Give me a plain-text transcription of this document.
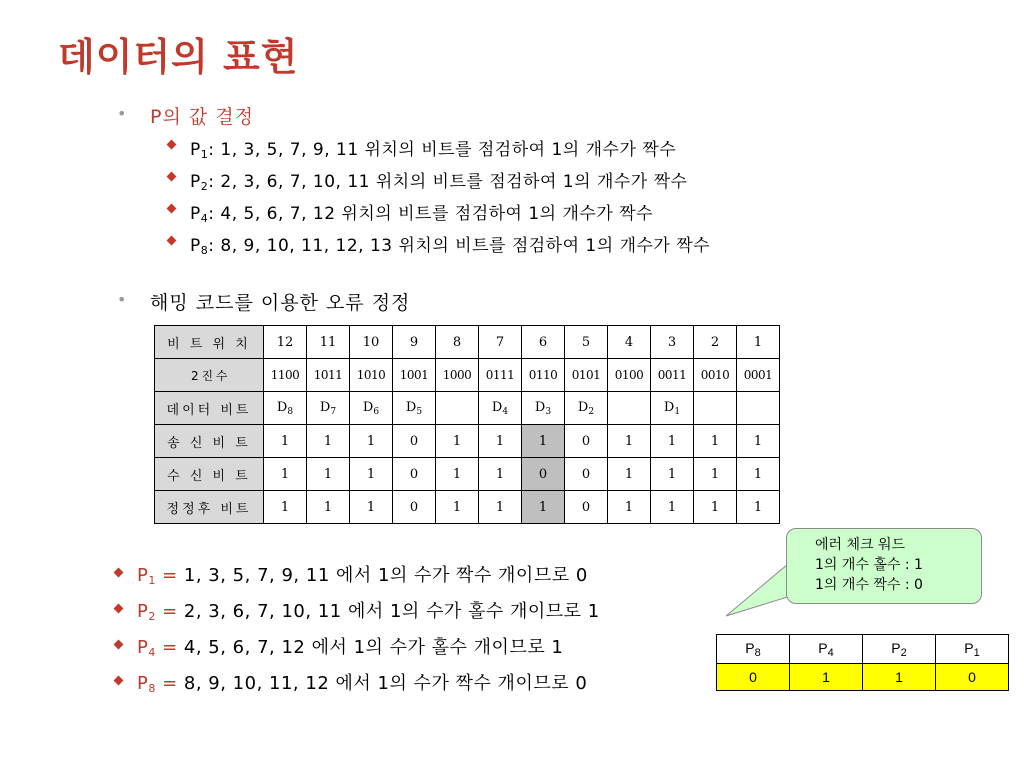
데이터의 표현
• P의 값 결정
$P_1$: 1, 3, 5, 7, 9, 11 위치의 비트를 점검하여 1의 개수가 짝수
$P_2$: 2, 3, 6, 7, 10, 11 위치의 비트를 점검하여 1의 개수가 짝수
$P_4$: 4, 5, 6, 7, 12 위치의 비트를 점검하여 1의 개수가 짝수
$P_8$: 8, 9, 10, 11, 12, 13 위치의 비트를 점검하여 1의 개수가 짝수
• 해밍 코드를 이용한 오류 정정
비 트 위 치	12	11	10	9	8	7	6	5	4	3	2	1
2 진 수	1100	1011	1010	1001	1000	0111	0110	0101	0100	0011	0010	0001
데이터 비트	$D_8$	$D_7$	$D_6$	$D_5$		$D_4$	$D_3$	$D_2$		$D_1$		
송 신 비 트	1	1	1	0	1	1	1	0	1	1	1	1
수 신 비 트	1	1	1	0	1	1	0	0	1	1	1	1
정정후 비트	1	1	1	0	1	1	1	0	1	1	1	1
$P_1 = 1$, 3, 5, 7, 9, 11 에서 1의 수가 짝수 개이므로 0
$P_2 = 2$, 3, 6, 7, 10, 11 에서 1의 수가 홀수 개이므로 1
$P_4 = 4$, 5, 6, 7, 12 에서 1의 수가 홀수 개이므로 1
$P_8 = 8$, 9, 10, 11, 12 에서 1의 수가 짝수 개이므로 0
에러 체크 워드
1의 개수 홀수 : 1
1의 개수 짝수 : 0
$P_8$	$P_4$	$P_2$	$P_1$
0	1	1	0
